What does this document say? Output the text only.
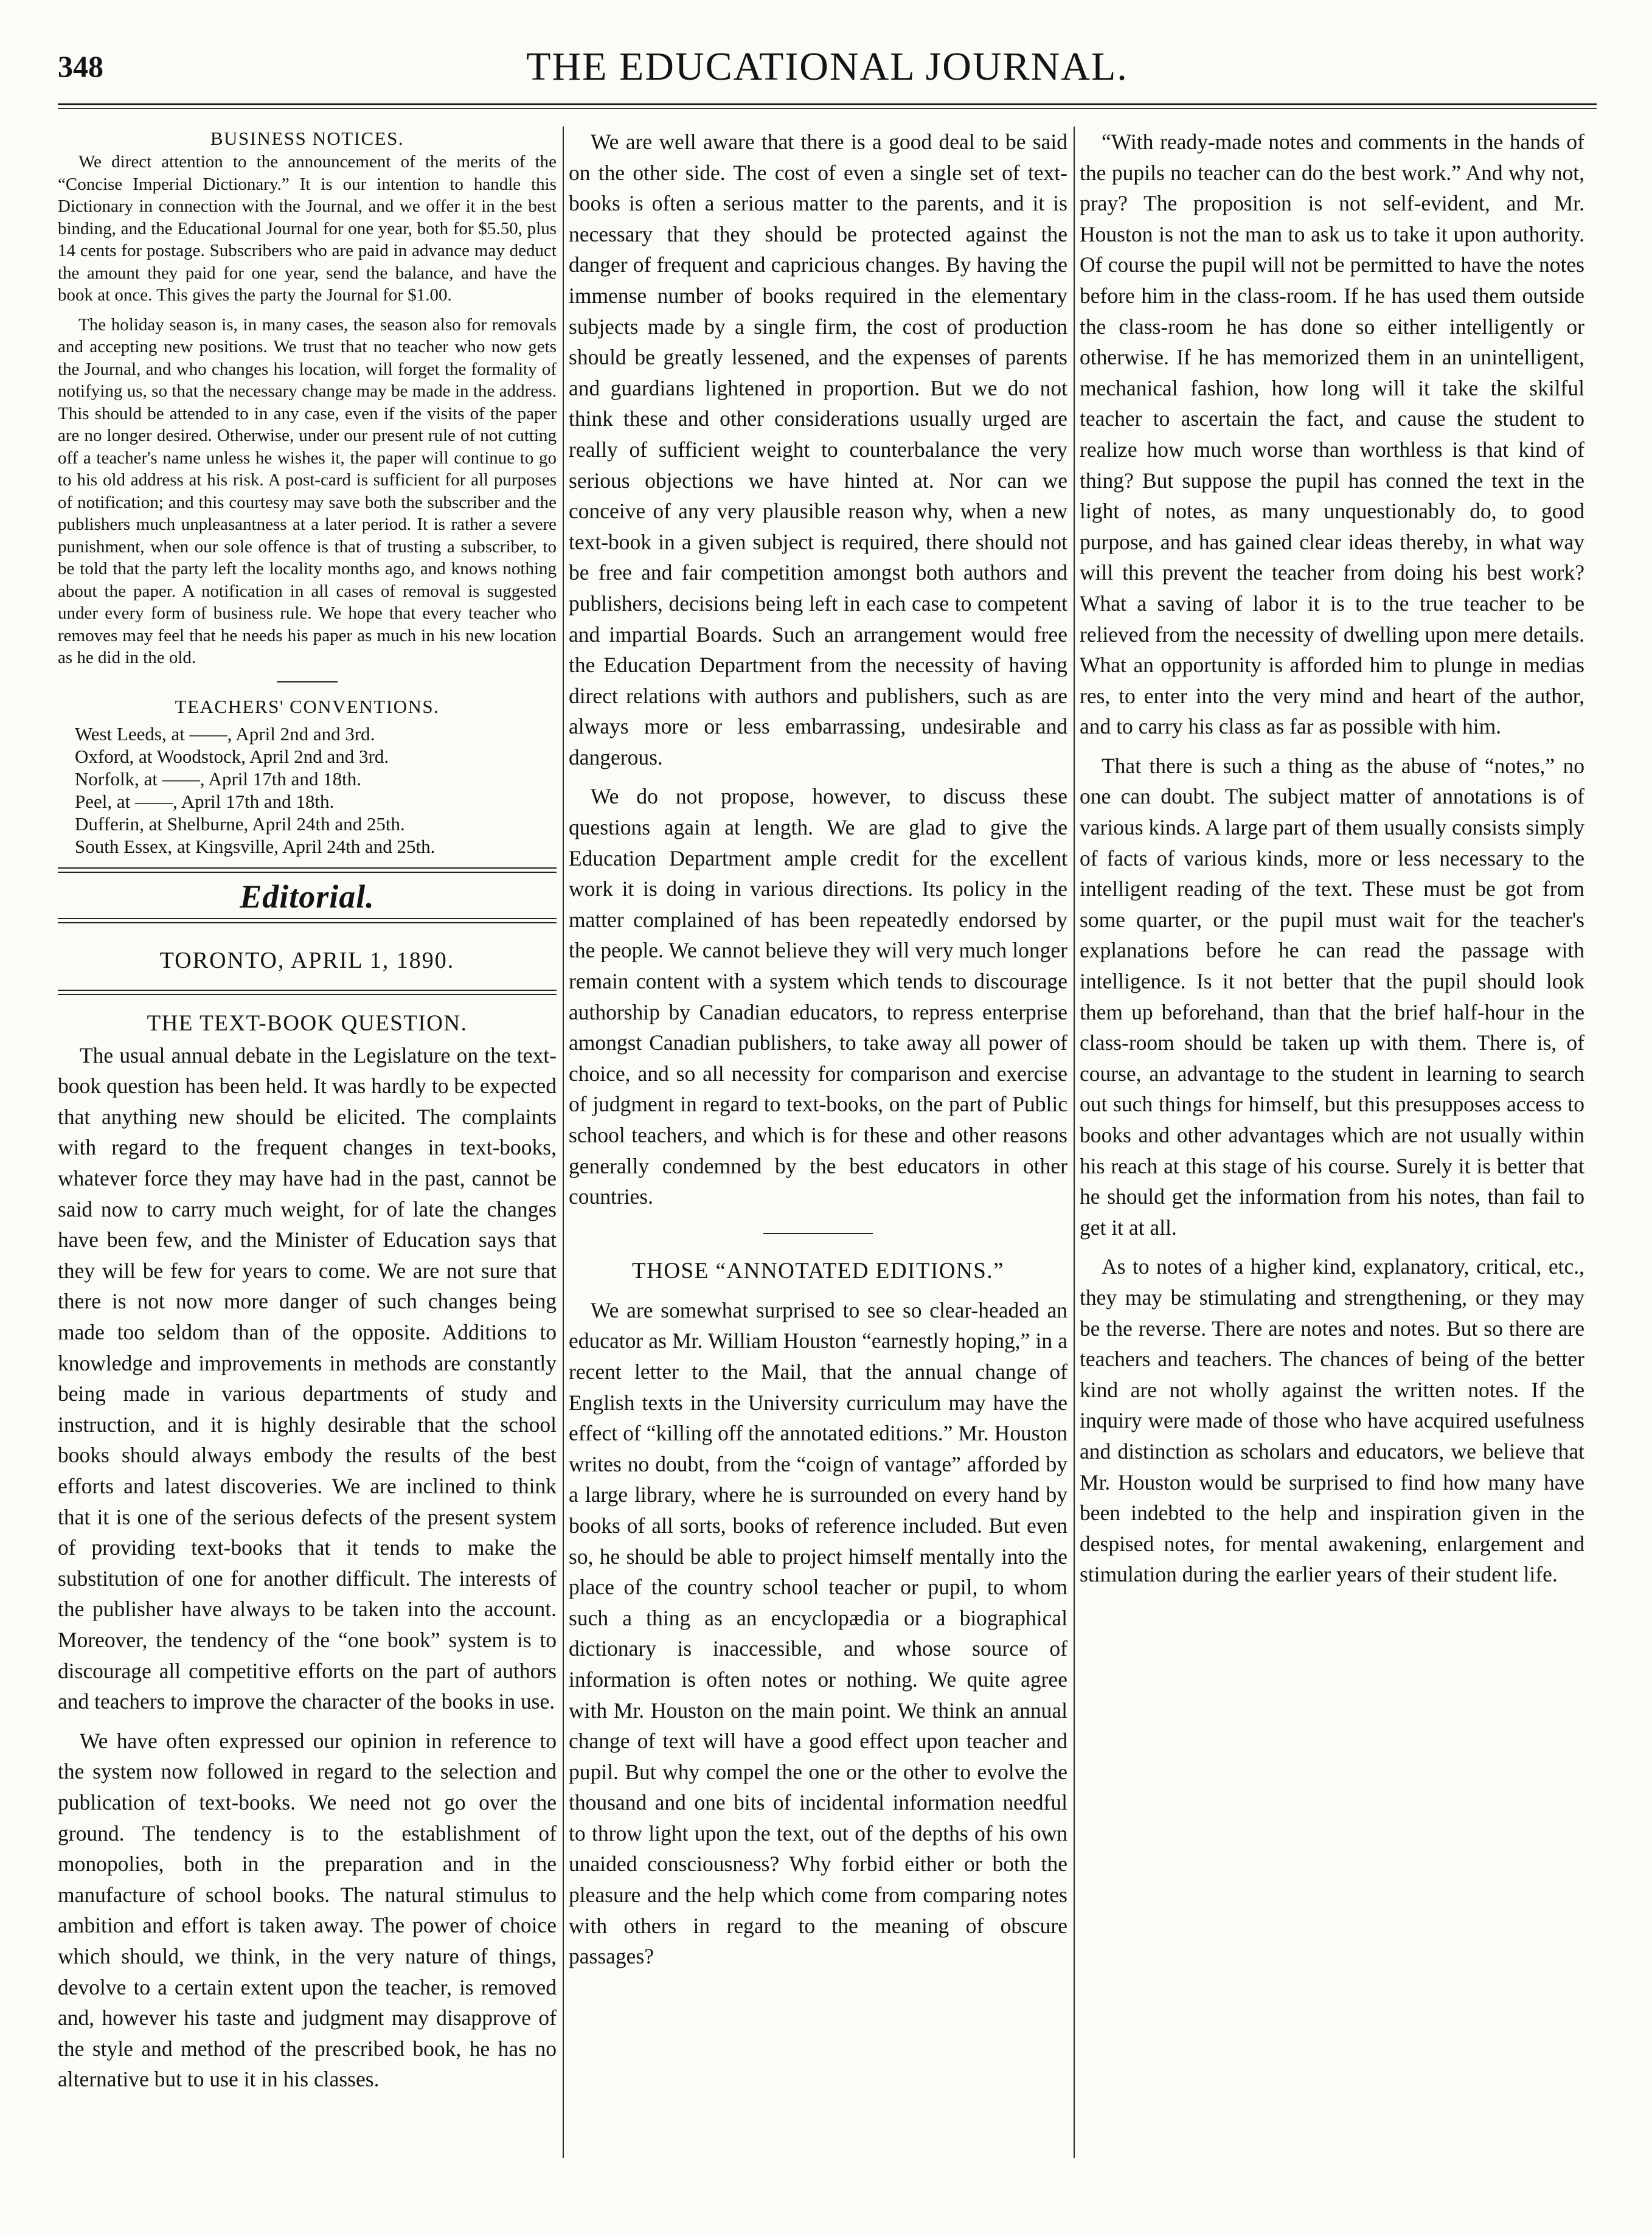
348	THE EDUCATIONAL JOURNAL.
BUSINESS NOTICES.

We direct attention to the announcement of the merits of the “Concise Imperial Dictionary.” It is our intention to handle this Dictionary in connection with the Journal, and we offer it in the best binding, and the Educational Journal for one year, both for $5.50, plus 14 cents for postage. Subscribers who are paid in advance may deduct the amount they paid for one year, send the balance, and have the book at once. This gives the party the Journal for $1.00.

The holiday season is, in many cases, the season also for removals and accepting new positions. We trust that no teacher who now gets the Journal, and who changes his location, will forget the formality of notifying us, so that the necessary change may be made in the address. This should be attended to in any case, even if the visits of the paper are no longer desired. Otherwise, under our present rule of not cutting off a teacher's name unless he wishes it, the paper will continue to go to his old address at his risk. A post-card is sufficient for all purposes of notification; and this courtesy may save both the subscriber and the publishers much unpleasantness at a later period. It is rather a severe punishment, when our sole offence is that of trusting a subscriber, to be told that the party left the locality months ago, and knows nothing about the paper. A notification in all cases of removal is suggested under every form of business rule. We hope that every teacher who removes may feel that he needs his paper as much in his new location as he did in the old.

TEACHERS' CONVENTIONS.
West Leeds, at ——, April 2nd and 3rd.
Oxford, at Woodstock, April 2nd and 3rd.
Norfolk, at ——, April 17th and 18th.
Peel, at ——, April 17th and 18th.
Dufferin, at Shelburne, April 24th and 25th.
South Essex, at Kingsville, April 24th and 25th.
Editorial.
TORONTO, APRIL 1, 1890.
THE TEXT-BOOK QUESTION.

The usual annual debate in the Legislature on the text-book question has been held. It was hardly to be expected that anything new should be elicited. The complaints with regard to the frequent changes in text-books, whatever force they may have had in the past, cannot be said now to carry much weight, for of late the changes have been few, and the Minister of Education says that they will be few for years to come. We are not sure that there is not now more danger of such changes being made too seldom than of the opposite. Additions to knowledge and improvements in methods are constantly being made in various departments of study and instruction, and it is highly desirable that the school books should always embody the results of the best efforts and latest discoveries. We are inclined to think that it is one of the serious defects of the present system of providing text-books that it tends to make the substitution of one for another difficult. The interests of the publisher have always to be taken into the account. Moreover, the tendency of the “one book” system is to discourage all competitive efforts on the part of authors and teachers to improve the character of the books in use.

We have often expressed our opinion in reference to the system now followed in regard to the selection and publication of text-books. We need not go over the ground. The tendency is to the establishment of monopolies, both in the preparation and in the manufacture of school books. The natural stimulus to ambition and effort is taken away. The power of choice which should, we think, in the very nature of things, devolve to a certain extent upon the teacher, is removed and, however his taste and judgment may disapprove of the style and method of the prescribed book, he has no alternative but to use it in his classes.

We are well aware that there is a good deal to be said on the other side. The cost of even a single set of text-books is often a serious matter to the parents, and it is necessary that they should be protected against the danger of frequent and capricious changes. By having the immense number of books required in the elementary subjects made by a single firm, the cost of production should be greatly lessened, and the expenses of parents and guardians lightened in proportion. But we do not think these and other considerations usually urged are really of sufficient weight to counterbalance the very serious objections we have hinted at. Nor can we conceive of any very plausible reason why, when a new text-book in a given subject is required, there should not be free and fair competition amongst both authors and publishers, decisions being left in each case to competent and impartial Boards. Such an arrangement would free the Education Department from the necessity of having direct relations with authors and publishers, such as are always more or less embarrassing, undesirable and dangerous.

We do not propose, however, to discuss these questions again at length. We are glad to give the Education Department ample credit for the excellent work it is doing in various directions. Its policy in the matter complained of has been repeatedly endorsed by the people. We cannot believe they will very much longer remain content with a system which tends to discourage authorship by Canadian educators, to repress enterprise amongst Canadian publishers, to take away all power of choice, and so all necessity for comparison and exercise of judgment in regard to text-books, on the part of Public school teachers, and which is for these and other reasons generally condemned by the best educators in other countries.

THOSE “ANNOTATED EDITIONS.”

We are somewhat surprised to see so clear-headed an educator as Mr. William Houston “earnestly hoping,” in a recent letter to the Mail, that the annual change of English texts in the University curriculum may have the effect of “killing off the annotated editions.” Mr. Houston writes no doubt, from the “coign of vantage” afforded by a large library, where he is surrounded on every hand by books of all sorts, books of reference included. But even so, he should be able to project himself mentally into the place of the country school teacher or pupil, to whom such a thing as an encyclopædia or a biographical dictionary is inaccessible, and whose source of information is often notes or nothing. We quite agree with Mr. Houston on the main point. We think an annual change of text will have a good effect upon teacher and pupil. But why compel the one or the other to evolve the thousand and one bits of incidental information needful to throw light upon the text, out of the depths of his own unaided consciousness? Why forbid either or both the pleasure and the help which come from comparing notes with others in regard to the meaning of obscure passages?

“With ready-made notes and comments in the hands of the pupils no teacher can do the best work.” And why not, pray? The proposition is not self-evident, and Mr. Houston is not the man to ask us to take it upon authority. Of course the pupil will not be permitted to have the notes before him in the class-room. If he has used them outside the class-room he has done so either intelligently or otherwise. If he has memorized them in an unintelligent, mechanical fashion, how long will it take the skilful teacher to ascertain the fact, and cause the student to realize how much worse than worthless is that kind of thing? But suppose the pupil has conned the text in the light of notes, as many unquestionably do, to good purpose, and has gained clear ideas thereby, in what way will this prevent the teacher from doing his best work? What a saving of labor it is to the true teacher to be relieved from the necessity of dwelling upon mere details. What an opportunity is afforded him to plunge in medias res, to enter into the very mind and heart of the author, and to carry his class as far as possible with him.

That there is such a thing as the abuse of “notes,” no one can doubt. The subject matter of annotations is of various kinds. A large part of them usually consists simply of facts of various kinds, more or less necessary to the intelligent reading of the text. These must be got from some quarter, or the pupil must wait for the teacher's explanations before he can read the passage with intelligence. Is it not better that the pupil should look them up beforehand, than that the brief half-hour in the class-room should be taken up with them. There is, of course, an advantage to the student in learning to search out such things for himself, but this presupposes access to books and other advantages which are not usually within his reach at this stage of his course. Surely it is better that he should get the information from his notes, than fail to get it at all.

As to notes of a higher kind, explanatory, critical, etc., they may be stimulating and strengthening, or they may be the reverse. There are notes and notes. But so there are teachers and teachers. The chances of being of the better kind are not wholly against the written notes. If the inquiry were made of those who have acquired usefulness and distinction as scholars and educators, we believe that Mr. Houston would be surprised to find how many have been indebted to the help and inspiration given in the despised notes, for mental awakening, enlargement and stimulation during the earlier years of their student life.
